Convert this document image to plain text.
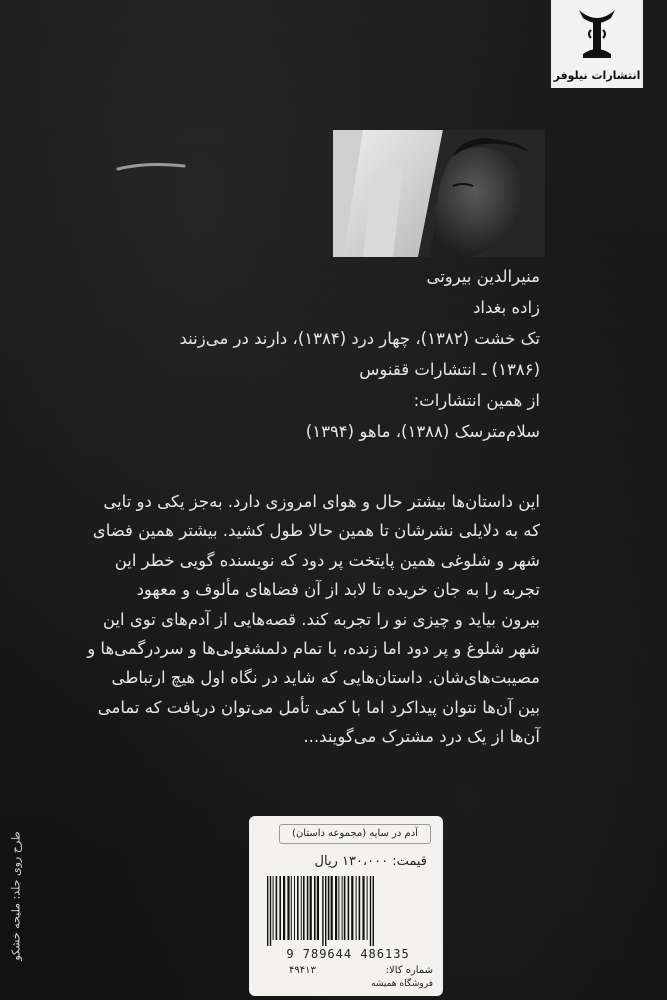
انتشارات نیلوفر
منیرالدین بیروتی
زاده بغداد
تک خشت (۱۳۸۲)، چهار درد (۱۳۸۴)، دارند در می‌زنند
(۱۳۸۶) ـ انتشارات ققنوس
از همین انتشارات:
سلام‌مترسک (۱۳۸۸)، ماهو (۱۳۹۴)
این داستان‌ها بیشتر حال و هوای امروزی دارد. به‌جز یکی دو تایی
که به دلایلی نشرشان تا همین حالا طول کشید. بیشتر همین فضای
شهر و شلوغی همین پایتخت پر دود که نویسنده گویی خطر این
تجربه را به جان خریده تا لابد از آن فضاهای مألوف و معهود
بیرون بیاید و چیزی نو را تجربه کند. قصه‌هایی از آدم‌های توی این
شهر شلوغ و پر دود اما زنده، با تمام دلمشغولی‌ها و سردرگمی‌ها و
مصیبت‌های‌شان. داستان‌هایی که شاید در نگاه اول هیچ ارتباطی
بین آن‌ها نتوان پیداکرد اما با کمی تأمل می‌توان دریافت که تمامی
آن‌ها از یک درد مشترک می‌گویند...
طرح روی جلد: ملیحه خشکو	آدم در سایه (مجموعه داستان)
قیمت: ۱۳۰،۰۰۰ ریال
9 789644 486135
شماره کالا:
۴۹۴۱۳
فروشگاه همیشه
